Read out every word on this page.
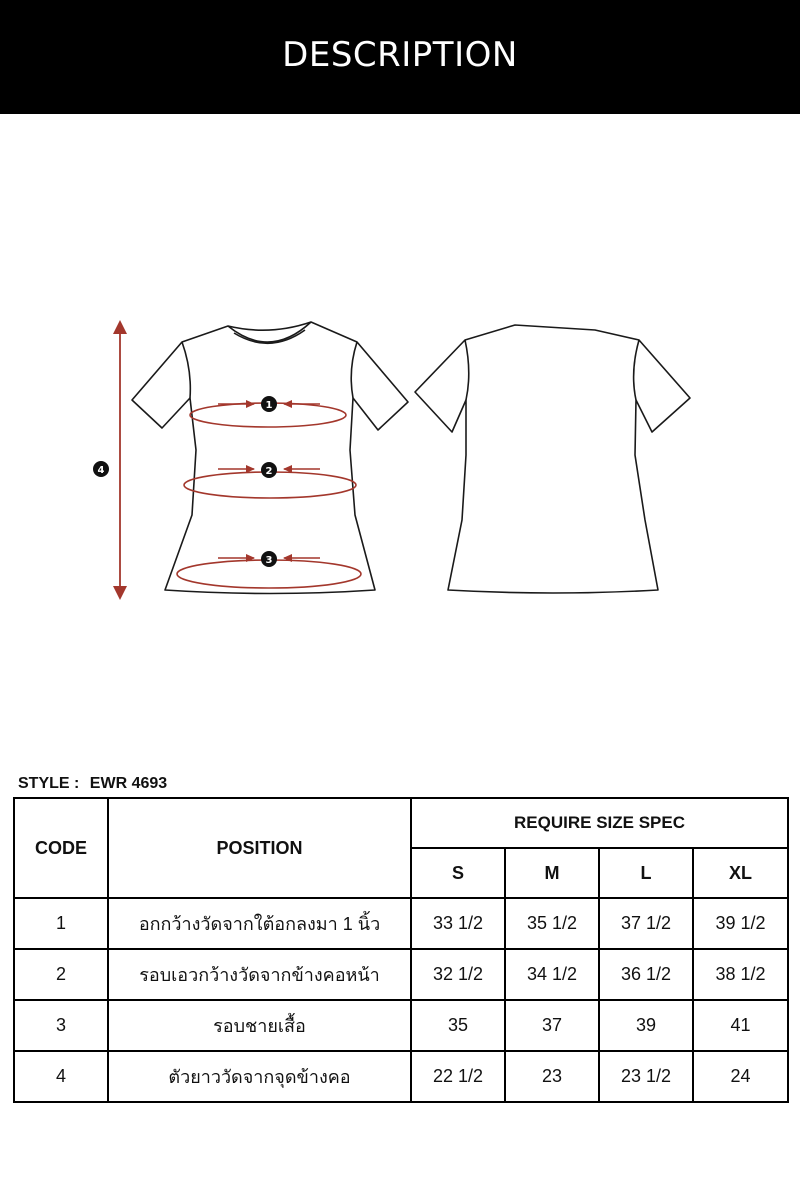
DESCRIPTION
1
2
3
4
STYLE : EWR 4693
CODE	POSITION	REQUIRE SIZE SPEC			
		S	M	L	XL
1	อกกว้างวัดจากใต้อกลงมา 1 นิ้ว	33 1/2	35 1/2	37 1/2	39 1/2
2	รอบเอวกว้างวัดจากข้างคอหน้า	32 1/2	34 1/2	36 1/2	38 1/2
3	รอบชายเสื้อ	35	37	39	41
4	ตัวยาววัดจากจุดข้างคอ	22 1/2	23	23 1/2	24
